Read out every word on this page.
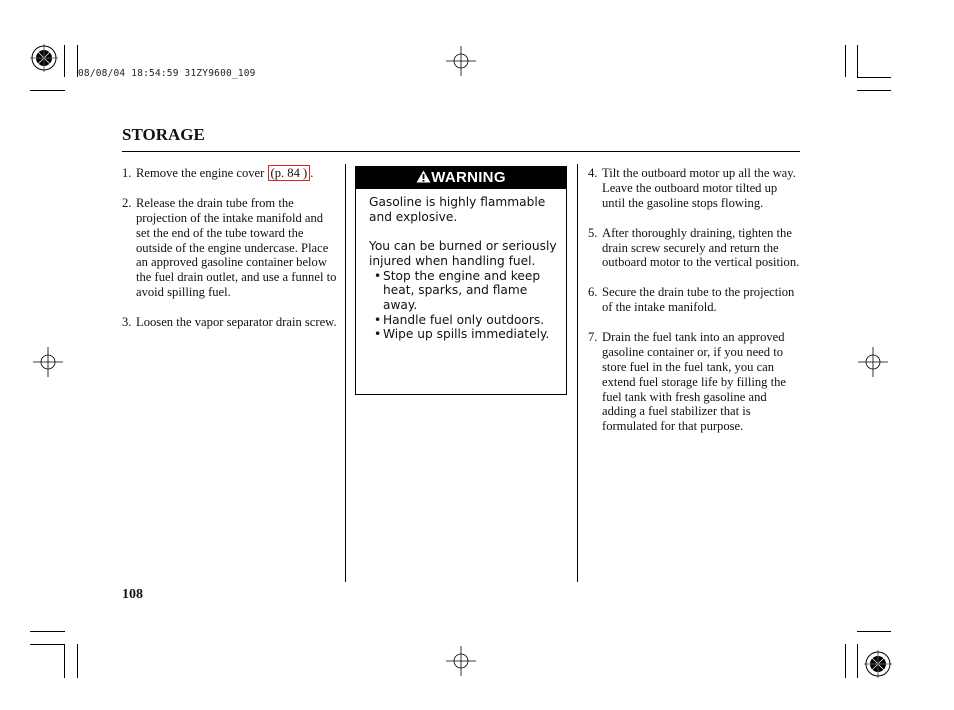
08/08/04 18:54:59 31ZY9600_109
STORAGE
1. Remove the engine cover (p. 84 ) .
2. Release the drain tube from the projection of the intake manifold and set the end of the tube toward the outside of the engine undercase. Place an approved gasoline container below the fuel drain outlet, and use a funnel to avoid spilling fuel.
3. Loosen the vapor separator drain screw.
WARNING

Gasoline is highly flammable and explosive.

You can be burned or seriously injured when handling fuel.

• Stop the engine and keep heat, sparks, and flame away.
• Handle fuel only outdoors.
• Wipe up spills immediately.
4. Tilt the outboard motor up all the way. Leave the outboard motor tilted up until the gasoline stops flowing.
5. After thoroughly draining, tighten the drain screw securely and return the outboard motor to the vertical position.
6. Secure the drain tube to the projection of the intake manifold.
7. Drain the fuel tank into an approved gasoline container or, if you need to store fuel in the fuel tank, you can extend fuel storage life by filling the fuel tank with fresh gasoline and adding a fuel stabilizer that is formulated for that purpose.
108
